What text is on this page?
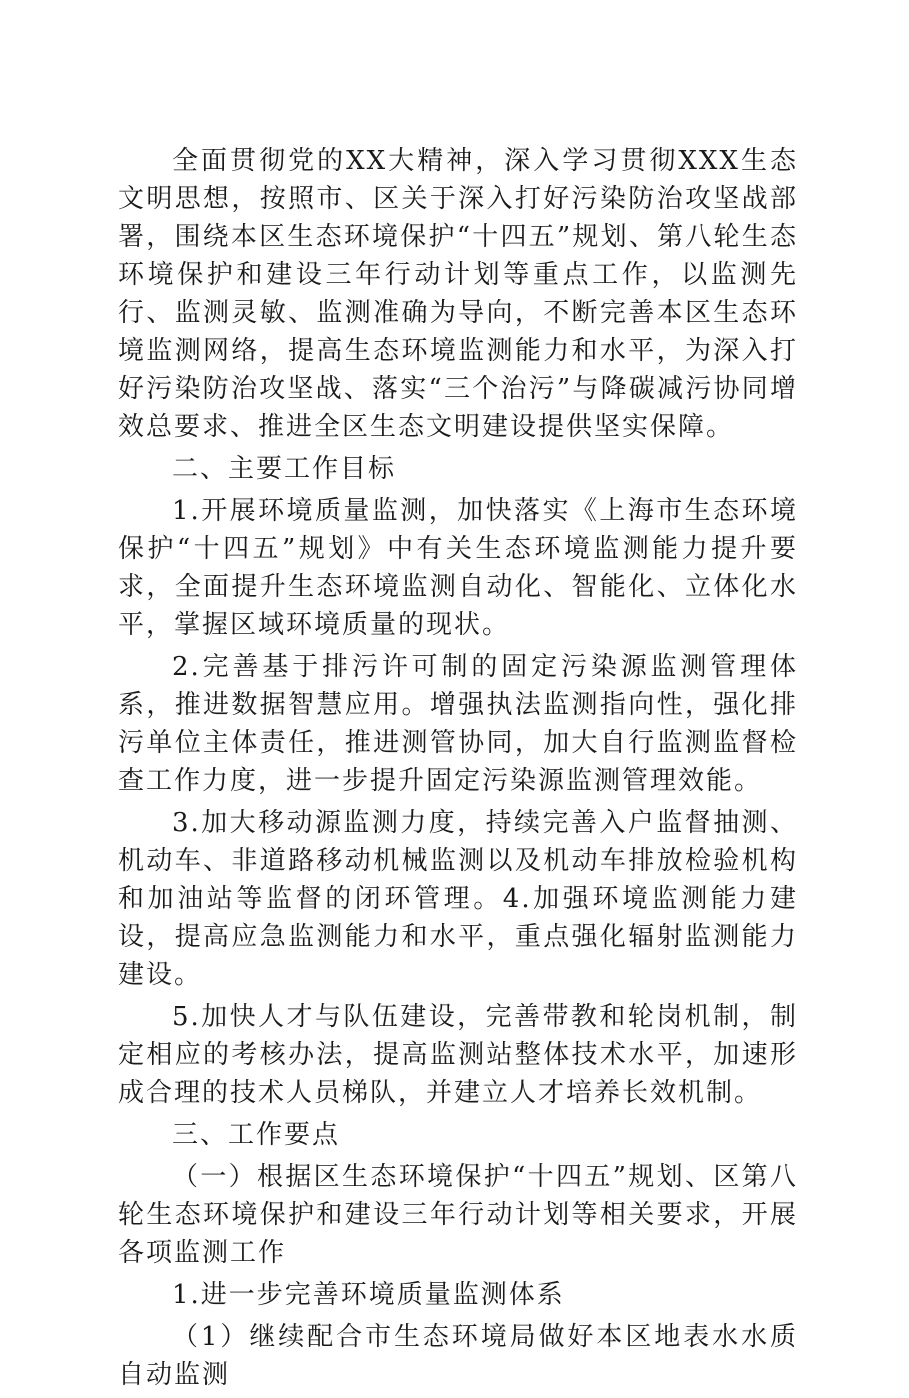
全面贯彻党的XX大精神，深入学习贯彻XXX生态文明思想，按照市、区关于深入打好污染防治攻坚战部署，围绕本区生态环境保护“十四五”规划、第八轮生态环境保护和建设三年行动计划等重点工作，以监测先行、监测灵敏、监测准确为导向，不断完善本区生态环境监测网络，提高生态环境监测能力和水平，为深入打好污染防治攻坚战、落实“三个治污”与降碳减污协同增效总要求、推进全区生态文明建设提供坚实保障。

二、主要工作目标

1.开展环境质量监测，加快落实《上海市生态环境保护“十四五”规划》中有关生态环境监测能力提升要求，全面提升生态环境监测自动化、智能化、立体化水平，掌握区域环境质量的现状。

2.完善基于排污许可制的固定污染源监测管理体系，推进数据智慧应用。增强执法监测指向性，强化排污单位主体责任，推进测管协同，加大自行监测监督检查工作力度，进一步提升固定污染源监测管理效能。

3.加大移动源监测力度，持续完善入户监督抽测、机动车、非道路移动机械监测以及机动车排放检验机构和加油站等监督的闭环管理。4.加强环境监测能力建设，提高应急监测能力和水平，重点强化辐射监测能力建设。

5.加快人才与队伍建设，完善带教和轮岗机制，制定相应的考核办法，提高监测站整体技术水平，加速形成合理的技术人员梯队，并建立人才培养长效机制。

三、工作要点

（一）根据区生态环境保护“十四五”规划、区第八轮生态环境保护和建设三年行动计划等相关要求，开展各项监测工作

1.进一步完善环境质量监测体系

（1）继续配合市生态环境局做好本区地表水水质自动监测
